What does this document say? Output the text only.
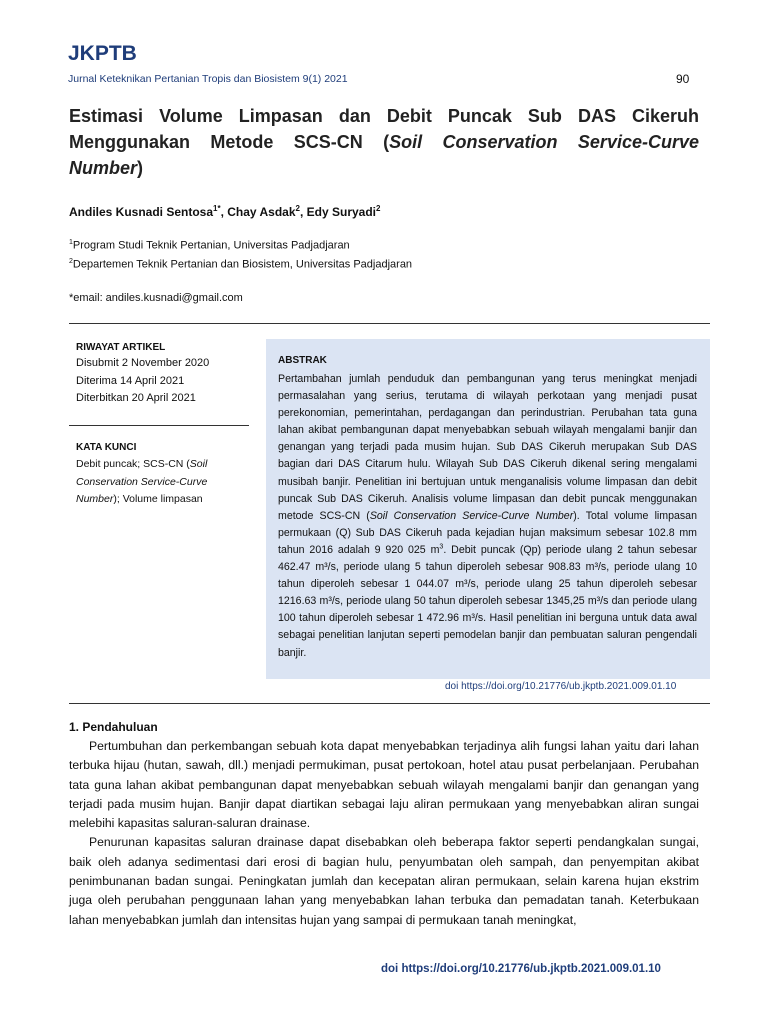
JKPTB
Jurnal Keteknikan Pertanian Tropis dan Biosistem 9(1) 2021	90
Estimasi Volume Limpasan dan Debit Puncak Sub DAS Cikeruh Menggunakan Metode SCS-CN (Soil Conservation Service-Curve Number)
Andiles Kusnadi Sentosa$^{1*}$, Chay Asdak$^2$, Edy Suryadi$^2$
$^1$Program Studi Teknik Pertanian, Universitas Padjadjaran
$^2$Departemen Teknik Pertanian dan Biosistem, Universitas Padjadjaran
*email: andiles.kusnadi@gmail.com
RIWAYAT ARTIKEL
Disubmit 2 November 2020
Diterima 14 April 2021
Diterbitkan 20 April 2021
KATA KUNCI
Debit puncak; SCS-CN (Soil Conservation Service-Curve Number); Volume limpasan
ABSTRAK
Pertambahan jumlah penduduk dan pembangunan yang terus meningkat menjadi permasalahan yang serius, terutama di wilayah perkotaan yang menjadi pusat perekonomian, pemerintahan, perdagangan dan perindustrian. Perubahan tata guna lahan akibat pembangunan dapat menyebabkan sebuah wilayah mengalami banjir dan genangan yang terjadi pada musim hujan. Sub DAS Cikeruh merupakan Sub DAS bagian dari DAS Citarum hulu. Wilayah Sub DAS Cikeruh dikenal sering mengalami musibah banjir. Penelitian ini bertujuan untuk menganalisis volume limpasan dan debit puncak Sub DAS Cikeruh. Analisis volume limpasan dan debit puncak menggunakan metode SCS-CN (Soil Conservation Service-Curve Number). Total volume limpasan permukaan (Q) Sub DAS Cikeruh pada kejadian hujan maksimum sebesar 102.8 mm tahun 2016 adalah 9 920 025 $m^3$. Debit puncak (Qp) periode ulang 2 tahun sebesar 462.47 m³/s, periode ulang 5 tahun diperoleh sebesar 908.83 m³/s, periode ulang 10 tahun diperoleh sebesar 1 044.07 m³/s, periode ulang 25 tahun diperoleh sebesar 1216.63 m³/s, periode ulang 50 tahun diperoleh sebesar 1345,25 m³/s dan periode ulang 100 tahun diperoleh sebesar 1 472.96 m³/s. Hasil penelitian ini berguna untuk data awal sebagai penelitian lanjutan seperti pemodelan banjir dan pembuatan saluran pengendali banjir.
doi https://doi.org/10.21776/ub.jkptb.2021.009.01.10
1. Pendahuluan

Pertumbuhan dan perkembangan sebuah kota dapat menyebabkan terjadinya alih fungsi lahan yaitu dari lahan terbuka hijau (hutan, sawah, dll.) menjadi permukiman, pusat pertokoan, hotel atau pusat perbelanjaan. Perubahan tata guna lahan akibat pembangunan dapat menyebabkan sebuah wilayah mengalami banjir dan genangan yang terjadi pada musim hujan. Banjir dapat diartikan sebagai laju aliran permukaan yang menyebabkan aliran sungai melebihi kapasitas saluran-saluran drainase.

Penurunan kapasitas saluran drainase dapat disebabkan oleh beberapa faktor seperti pendangkalan sungai, baik oleh adanya sedimentasi dari erosi di bagian hulu, penyumbatan oleh sampah, dan penyempitan akibat penimbunanan badan sungai. Peningkatan jumlah dan kecepatan aliran permukaan, selain karena hujan ekstrim juga oleh perubahan penggunaan lahan yang menyebabkan lahan terbuka dan pemadatan tanah. Keterbukaan lahan menyebabkan jumlah dan intensitas hujan yang sampai di permukaan tanah meningkat,

doi https://doi.org/10.21776/ub.jkptb.2021.009.01.10
